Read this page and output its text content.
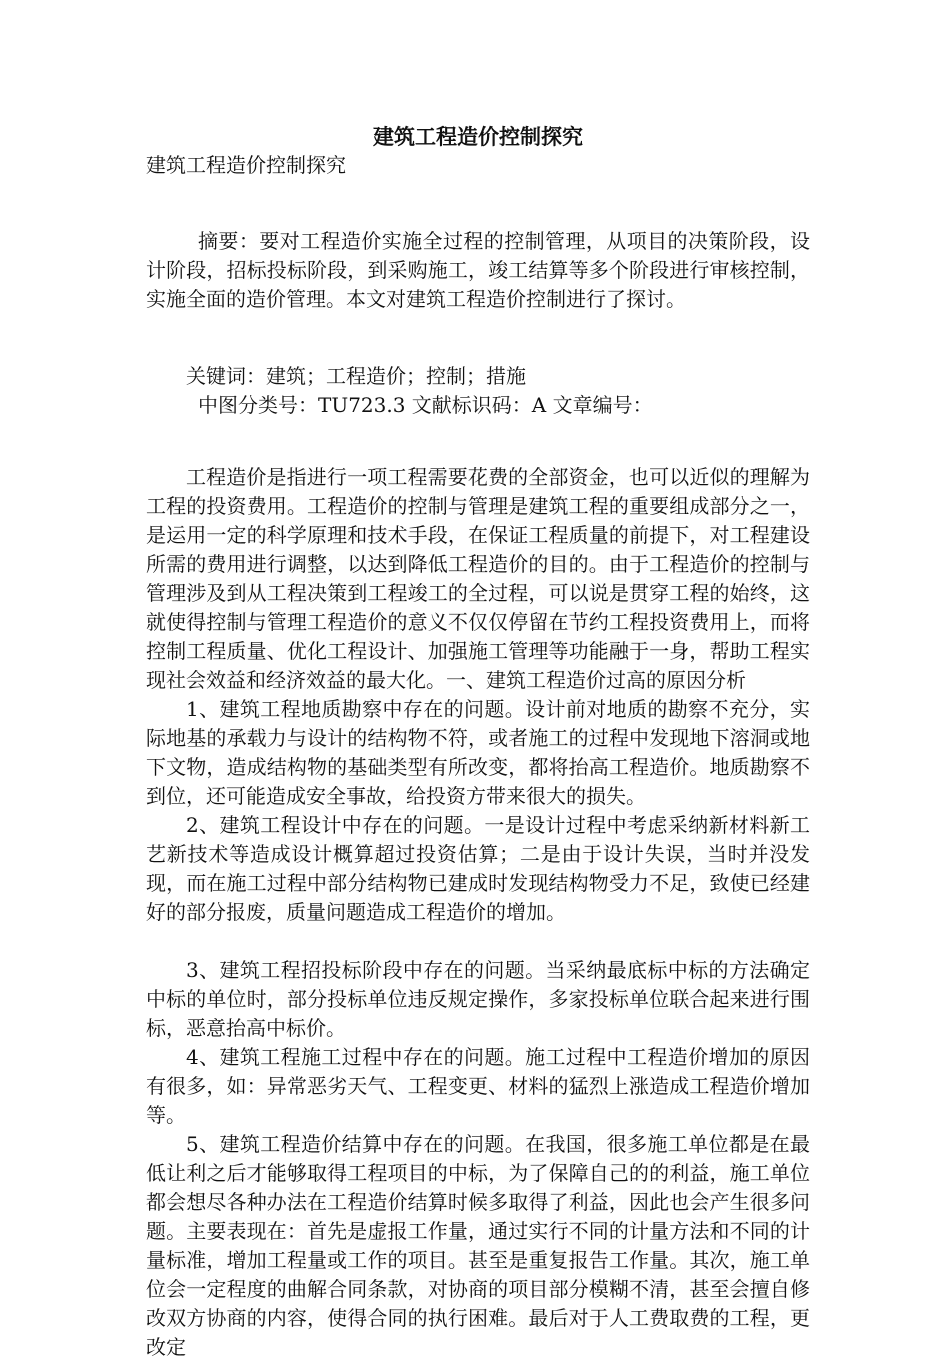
建筑工程造价控制探究

建筑工程造价控制探究

摘要：要对工程造价实施全过程的控制管理，从项目的决策阶段，设计阶段，招标投标阶段，到采购施工，竣工结算等多个阶段进行审核控制，实施全面的造价管理。本文对建筑工程造价控制进行了探讨。

关键词：建筑；工程造价；控制；措施

中图分类号：TU723.3 文献标识码：A 文章编号：

工程造价是指进行一项工程需要花费的全部资金，也可以近似的理解为工程的投资费用。工程造价的控制与管理是建筑工程的重要组成部分之一，是运用一定的科学原理和技术手段，在保证工程质量的前提下，对工程建设所需的费用进行调整，以达到降低工程造价的目的。由于工程造价的控制与管理涉及到从工程决策到工程竣工的全过程，可以说是贯穿工程的始终，这就使得控制与管理工程造价的意义不仅仅停留在节约工程投资费用上，而将控制工程质量、优化工程设计、加强施工管理等功能融于一身，帮助工程实现社会效益和经济效益的最大化。一、建筑工程造价过高的原因分析

1、建筑工程地质勘察中存在的问题。设计前对地质的勘察不充分，实际地基的承载力与设计的结构物不符，或者施工的过程中发现地下溶洞或地下文物，造成结构物的基础类型有所改变，都将抬高工程造价。地质勘察不到位，还可能造成安全事故，给投资方带来很大的损失。

2、建筑工程设计中存在的问题。一是设计过程中考虑采纳新材料新工艺新技术等造成设计概算超过投资估算；二是由于设计失误，当时并没发现，而在施工过程中部分结构物已建成时发现结构物受力不足，致使已经建好的部分报废，质量问题造成工程造价的增加。

3、建筑工程招投标阶段中存在的问题。当采纳最底标中标的方法确定中标的单位时，部分投标单位违反规定操作，多家投标单位联合起来进行围标，恶意抬高中标价。

4、建筑工程施工过程中存在的问题。施工过程中工程造价增加的原因有很多，如：异常恶劣天气、工程变更、材料的猛烈上涨造成工程造价增加等。

5、建筑工程造价结算中存在的问题。在我国，很多施工单位都是在最低让利之后才能够取得工程项目的中标，为了保障自己的的利益，施工单位都会想尽各种办法在工程造价结算时候多取得了利益，因此也会产生很多问题。主要表现在：首先是虚报工作量，通过实行不同的计量方法和不同的计量标准，增加工程量或工作的项目。甚至是重复报告工作量。其次，施工单位会一定程度的曲解合同条款，对协商的项目部分模糊不清，甚至会擅自修改双方协商的内容，使得合同的执行困难。最后对于人工费取费的工程，更改定
